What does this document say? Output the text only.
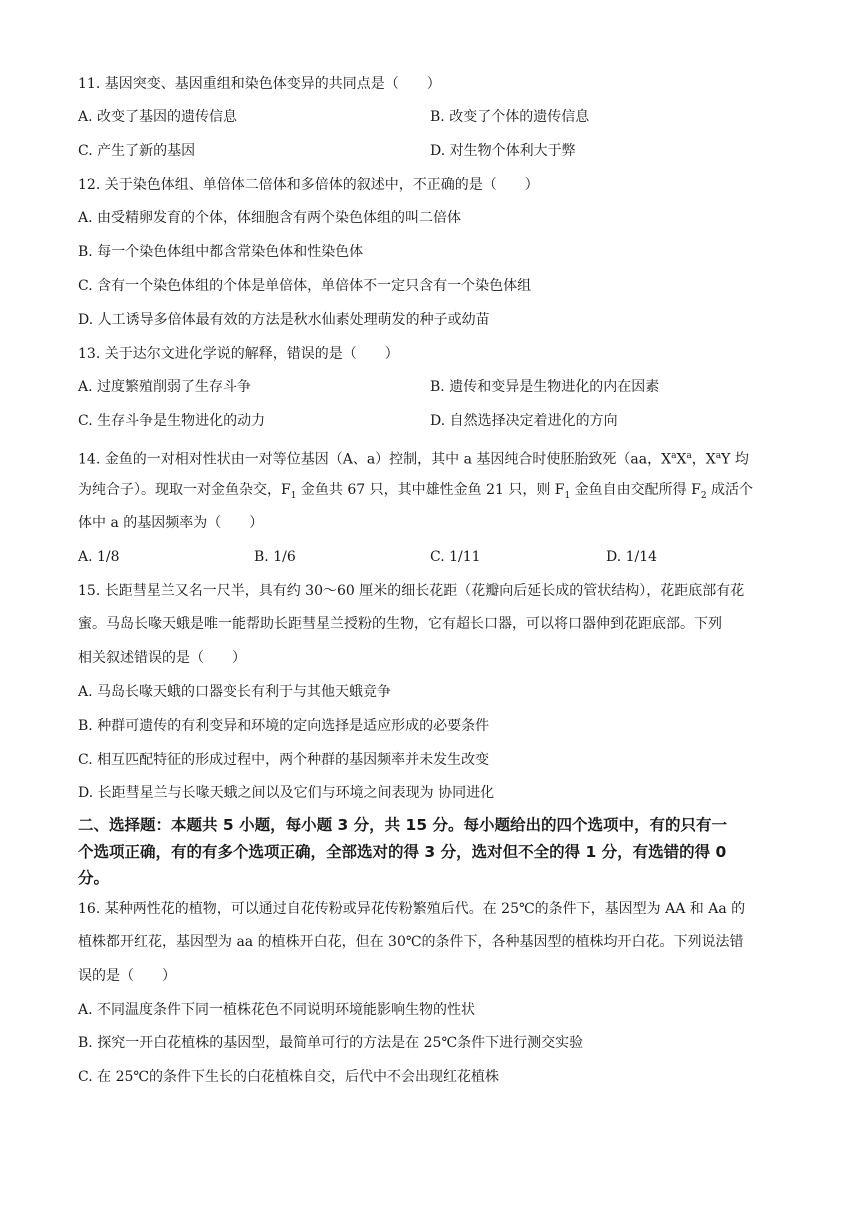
11. 基因突变、基因重组和染色体变异的共同点是（　　）
A. 改变了基因的遗传信息	B. 改变了个体的遗传信息
C. 产生了新的基因	D. 对生物个体利大于弊
12. 关于染色体组、单倍体二倍体和多倍体的叙述中，不正确的是（　　）
A. 由受精卵发育的个体，体细胞含有两个染色体组的叫二倍体
B. 每一个染色体组中都含常染色体和性染色体
C. 含有一个染色体组的个体是单倍体，单倍体不一定只含有一个染色体组
D. 人工诱导多倍体最有效的方法是秋水仙素处理萌发的种子或幼苗
13. 关于达尔文进化学说的解释，错误的是（　　）
A. 过度繁殖削弱了生存斗争	B. 遗传和变异是生物进化的内在因素
C. 生存斗争是生物进化的动力	D. 自然选择决定着进化的方向
14. 金鱼的一对相对性状由一对等位基因（A、a）控制，其中 a 基因纯合时使胚胎致死（aa，$X^aX^a$，$X^aY$ 均
为纯合子）。现取一对金鱼杂交，$F_1$ 金鱼共 67 只，其中雄性金鱼 21 只，则 $F_1$ 金鱼自由交配所得 $F_2$ 成活个
体中 a 的基因频率为（　　）
A. 1/8	B. 1/6	C. 1/11	D. 1/14
15. 长距彗星兰又名一尺半，具有约 30～60 厘米的细长花距（花瓣向后延长成的管状结构），花距底部有花
蜜。马岛长喙天蛾是唯一能帮助长距彗星兰授粉的生物，它有超长口器，可以将口器伸到花距底部。下列
相关叙述错误的是（　　）
A. 马岛长喙天蛾的口器变长有利于与其他天蛾竞争
B. 种群可遗传的有利变异和环境的定向选择是适应形成的必要条件
C. 相互匹配特征的形成过程中，两个种群的基因频率并未发生改变
D. 长距彗星兰与长喙天蛾之间以及它们与环境之间表现为 协同进化
二、选择题：本题共 5 小题，每小题 3 分，共 15 分。每小题给出的四个选项中，有的只有一
个选项正确，有的有多个选项正确，全部选对的得 3 分，选对但不全的得 1 分，有选错的得 0
分。
16. 某种两性花的植物，可以通过自花传粉或异花传粉繁殖后代。在 25℃的条件下，基因型为 AA 和 Aa 的
植株都开红花，基因型为 aa 的植株开白花，但在 30℃的条件下，各种基因型的植株均开白花。下列说法错
误的是（　　）
A. 不同温度条件下同一植株花色不同说明环境能影响生物的性状
B. 探究一开白花植株的基因型，最简单可行的方法是在 25℃条件下进行测交实验
C. 在 25℃的条件下生长的白花植株自交，后代中不会出现红花植株
